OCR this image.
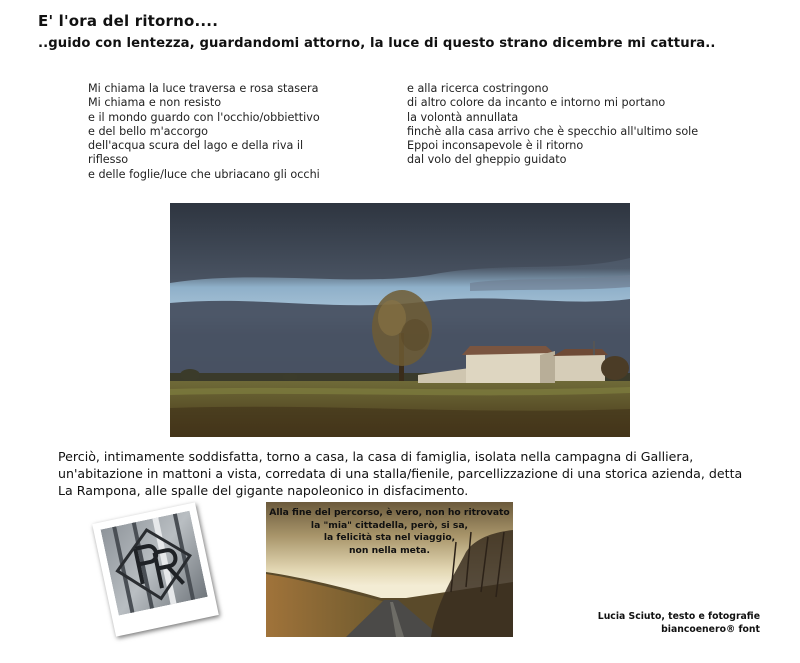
E' l'ora del ritorno....
..guido con lentezza, guardandomi attorno, la luce di questo strano dicembre mi cattura..
Mi chiama la luce traversa e rosa stasera
Mi chiama e non resisto
e il mondo guardo con l'occhio/obbiettivo
e del bello m'accorgo
dell'acqua scura del lago e della riva il
riflesso
e delle foglie/luce che ubriacano gli occhi
e alla ricerca costringono
di altro colore da incanto e intorno mi portano
la volontà annullata
finchè alla casa arrivo che è specchio all'ultimo sole
Eppoi inconsapevole è il ritorno
dal volo del gheppio guidato
Perciò, intimamente soddisfatta, torno a casa, la casa di famiglia, isolata nella campagna di Galliera, un'abitazione in mattoni a vista, corredata di una stalla/fienile, parcellizzazione di una storica azienda, detta La Rampona, alle spalle del gigante napoleonico in disfacimento.
Alla fine del percorso, è vero, non ho ritrovato
la "mia" cittadella, però, si sa,
la felicità sta nel viaggio,
non nella meta.
Lucia Sciuto, testo e fotografie
biancoenero® font
